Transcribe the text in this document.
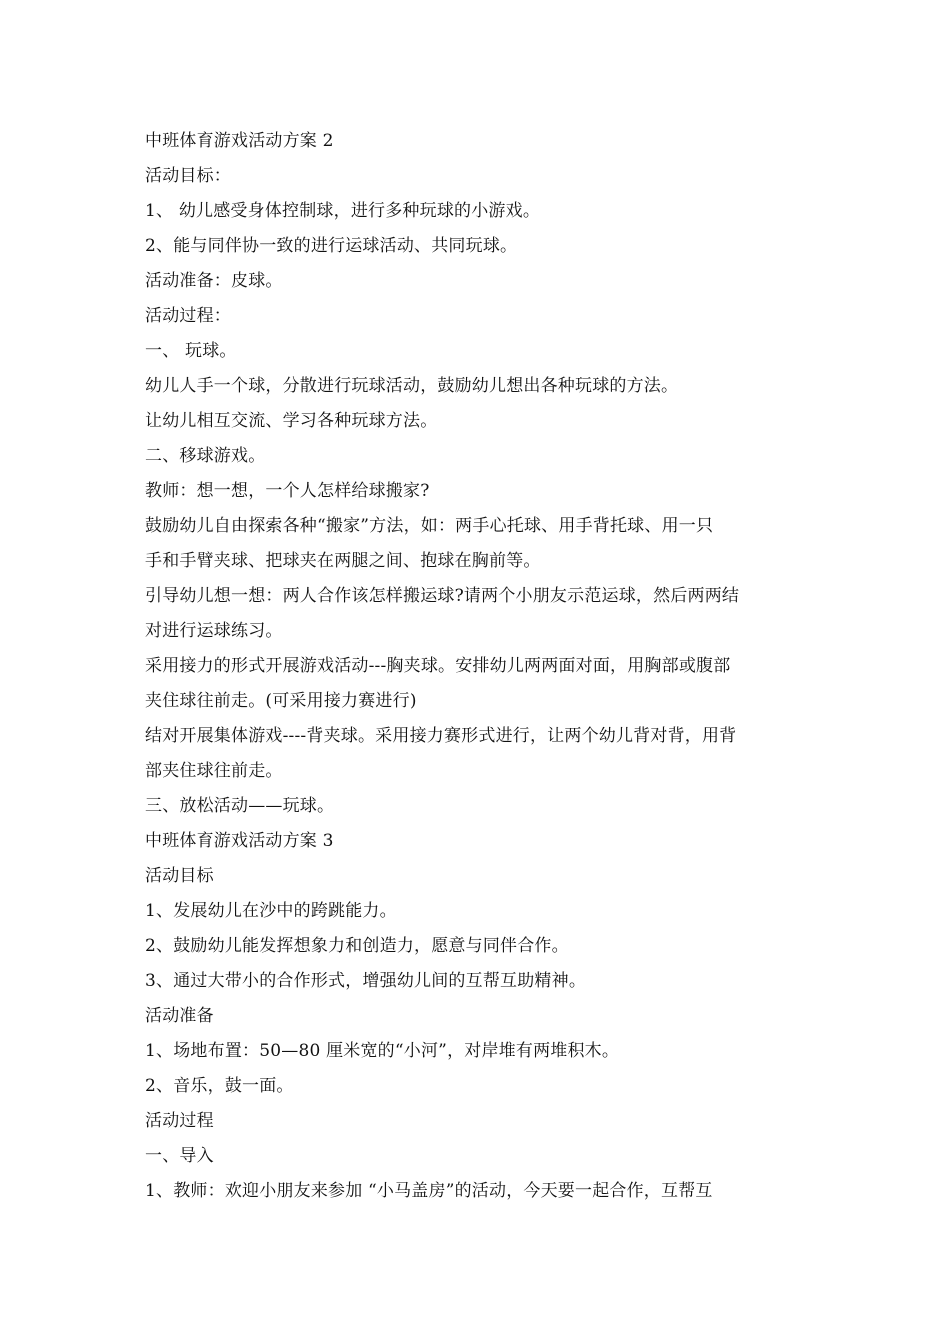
中班体育游戏活动方案 2
活动目标：
1、 幼儿感受身体控制球，进行多种玩球的小游戏。
2、能与同伴协一致的进行运球活动、共同玩球。
活动准备：皮球。
活动过程：
一、 玩球。
幼儿人手一个球，分散进行玩球活动，鼓励幼儿想出各种玩球的方法。
让幼儿相互交流、学习各种玩球方法。
二、移球游戏。
教师：想一想，一个人怎样给球搬家?
鼓励幼儿自由探索各种“搬家”方法，如：两手心托球、用手背托球、用一只
手和手臂夹球、把球夹在两腿之间、抱球在胸前等。
引导幼儿想一想：两人合作该怎样搬运球?请两个小朋友示范运球，然后两两结
对进行运球练习。
采用接力的形式开展游戏活动---胸夹球。安排幼儿两两面对面，用胸部或腹部
夹住球往前走。(可采用接力赛进行)
结对开展集体游戏----背夹球。采用接力赛形式进行，让两个幼儿背对背，用背
部夹住球往前走。
三、放松活动——玩球。
中班体育游戏活动方案 3
活动目标
1、发展幼儿在沙中的跨跳能力。
2、鼓励幼儿能发挥想象力和创造力，愿意与同伴合作。
3、通过大带小的合作形式，增强幼儿间的互帮互助精神。
活动准备
1、场地布置：50—80 厘米宽的“小河”，对岸堆有两堆积木。
2、音乐，鼓一面。
活动过程
一、导入
1、教师：欢迎小朋友来参加 “小马盖房”的活动，今天要一起合作，互帮互
